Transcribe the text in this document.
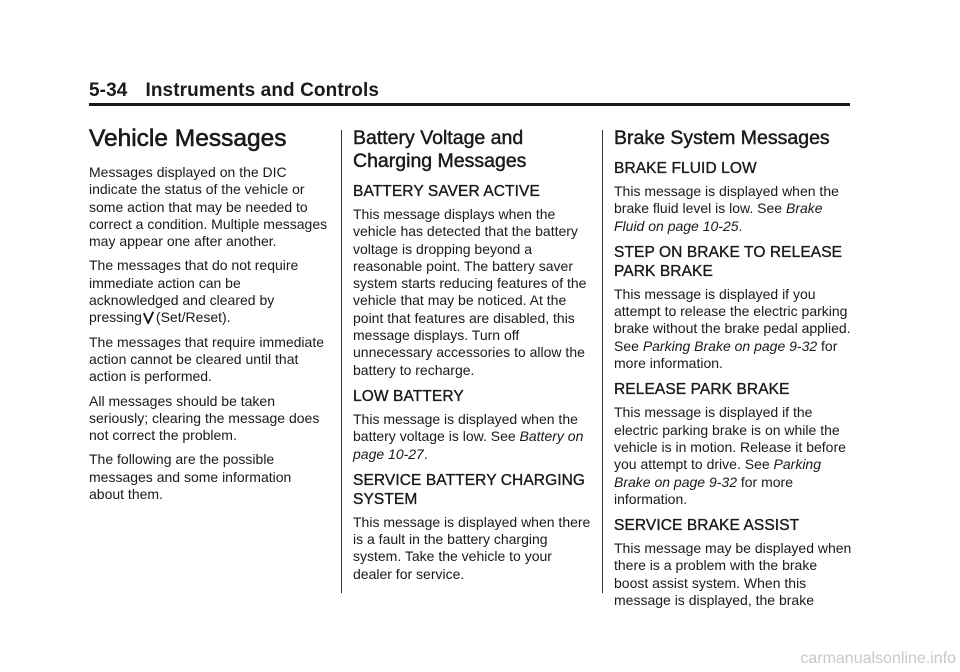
5-34 Instruments and Controls
Vehicle Messages

Messages displayed on the DIC indicate the status of the vehicle or some action that may be needed to correct a condition. Multiple messages may appear one after another.

The messages that do not require immediate action can be acknowledged and cleared by pressing (Set/Reset).

The messages that require immediate action cannot be cleared until that action is performed.

All messages should be taken seriously; clearing the message does not correct the problem.

The following are the possible messages and some information about them.

Battery Voltage and Charging Messages
BATTERY SAVER ACTIVE

This message displays when the vehicle has detected that the battery voltage is dropping beyond a reasonable point. The battery saver system starts reducing features of the vehicle that may be noticed. At the point that features are disabled, this message displays. Turn off unnecessary accessories to allow the battery to recharge.

LOW BATTERY

This message is displayed when the battery voltage is low. See Battery on page 10-27.

SERVICE BATTERY CHARGING SYSTEM

This message is displayed when there is a fault in the battery charging system. Take the vehicle to your dealer for service.

Brake System Messages
BRAKE FLUID LOW

This message is displayed when the brake fluid level is low. See Brake Fluid on page 10-25.

STEP ON BRAKE TO RELEASE PARK BRAKE

This message is displayed if you attempt to release the electric parking brake without the brake pedal applied. See Parking Brake on page 9-32 for more information.

RELEASE PARK BRAKE

This message is displayed if the electric parking brake is on while the vehicle is in motion. Release it before you attempt to drive. See Parking Brake on page 9-32 for more information.

SERVICE BRAKE ASSIST

This message may be displayed when there is a problem with the brake boost assist system. When this message is displayed, the brake

carmanualsonline.info
